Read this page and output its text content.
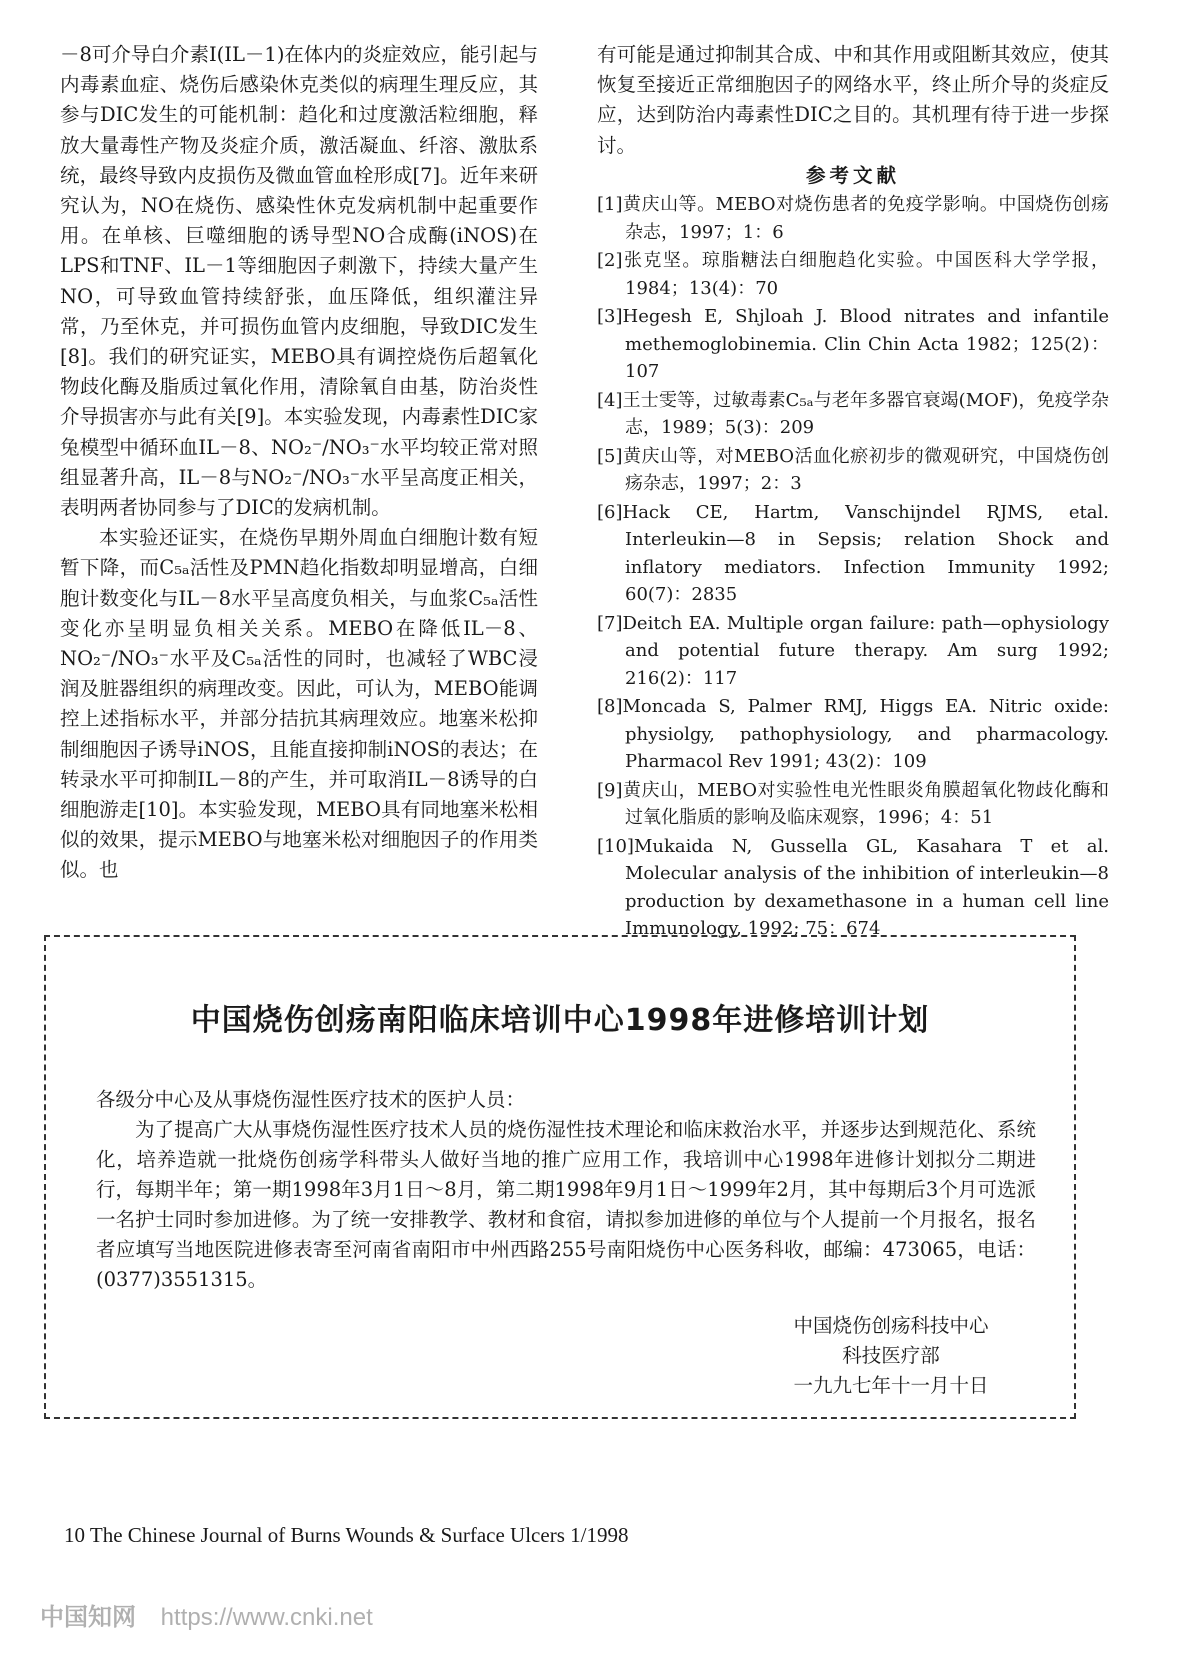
－8可介导白介素I(IL－1)在体内的炎症效应，能引起与内毒素血症、烧伤后感染休克类似的病理生理反应，其参与DIC发生的可能机制：趋化和过度激活粒细胞，释放大量毒性产物及炎症介质，激活凝血、纤溶、激肽系统，最终导致内皮损伤及微血管血栓形成[7]。近年来研究认为，NO在烧伤、感染性休克发病机制中起重要作用。在单核、巨噬细胞的诱导型NO合成酶(iNOS)在LPS和TNF、IL－1等细胞因子刺激下，持续大量产生NO，可导致血管持续舒张，血压降低，组织灌注异常，乃至休克，并可损伤血管内皮细胞，导致DIC发生[8]。我们的研究证实，MEBO具有调控烧伤后超氧化物歧化酶及脂质过氧化作用，清除氧自由基，防治炎性介导损害亦与此有关[9]。本实验发现，内毒素性DIC家兔模型中循环血IL－8、NO₂⁻/NO₃⁻水平均较正常对照组显著升高，IL－8与NO₂⁻/NO₃⁻水平呈高度正相关，表明两者协同参与了DIC的发病机制。

本实验还证实，在烧伤早期外周血白细胞计数有短暂下降，而C₅ₐ活性及PMN趋化指数却明显增高，白细胞计数变化与IL－8水平呈高度负相关，与血浆C₅ₐ活性变化亦呈明显负相关关系。MEBO在降低IL－8、NO₂⁻/NO₃⁻水平及C₅ₐ活性的同时，也减轻了WBC浸润及脏器组织的病理改变。因此，可认为，MEBO能调控上述指标水平，并部分拮抗其病理效应。地塞米松抑制细胞因子诱导iNOS，且能直接抑制iNOS的表达；在转录水平可抑制IL－8的产生，并可取消IL－8诱导的白细胞游走[10]。本实验发现，MEBO具有同地塞米松相似的效果，提示MEBO与地塞米松对细胞因子的作用类似。也

有可能是通过抑制其合成、中和其作用或阻断其效应，使其恢复至接近正常细胞因子的网络水平，终止所介导的炎症反应，达到防治内毒素性DIC之目的。其机理有待于进一步探讨。

参考文献

[1]黄庆山等。MEBO对烧伤患者的免疫学影响。中国烧伤创疡杂志，1997；1：6
[2]张克坚。琼脂糖法白细胞趋化实验。中国医科大学学报，1984；13(4)：70
[3]Hegesh E, Shjloah J. Blood nitrates and infantile methemoglobinemia. Clin Chin Acta 1982；125(2)：107
[4]王士雯等，过敏毒素C₅ₐ与老年多器官衰竭(MOF)，免疫学杂志，1989；5(3)：209
[5]黄庆山等，对MEBO活血化瘀初步的微观研究，中国烧伤创疡杂志，1997；2：3
[6]Hack CE, Hartm, Vanschijndel RJMS, etal. Interleukin—8 in Sepsis; relation Shock and inflatory mediators. Infection Immunity 1992; 60(7)：2835
[7]Deitch EA. Multiple organ failure: path—ophysiology and potential future therapy. Am surg 1992; 216(2)：117
[8]Moncada S, Palmer RMJ, Higgs EA. Nitric oxide: physiolgy, pathophysiology, and pharmacology. Pharmacol Rev 1991; 43(2)：109
[9]黄庆山，MEBO对实验性电光性眼炎角膜超氧化物歧化酶和过氧化脂质的影响及临床观察，1996；4：51
[10]Mukaida N, Gussella GL, Kasahara T et al. Molecular analysis of the inhibition of interleukin—8 production by dexamethasone in a human cell line Immunology, 1992; 75：674
中国烧伤创疡南阳临床培训中心1998年进修培训计划
各级分中心及从事烧伤湿性医疗技术的医护人员：
为了提高广大从事烧伤湿性医疗技术人员的烧伤湿性技术理论和临床救治水平，并逐步达到规范化、系统化，培养造就一批烧伤创疡学科带头人做好当地的推广应用工作，我培训中心1998年进修计划拟分二期进行，每期半年；第一期1998年3月1日～8月，第二期1998年9月1日～1999年2月，其中每期后3个月可选派一名护士同时参加进修。为了统一安排教学、教材和食宿，请拟参加进修的单位与个人提前一个月报名，报名者应填写当地医院进修表寄至河南省南阳市中州西路255号南阳烧伤中心医务科收，邮编：473065，电话：(0377)3551315。
中国烧伤创疡科技中心
科技医疗部
一九九七年十一月十日
10 The Chinese Journal of Burns Wounds & Surface Ulcers 1/1998
中国知网 https://www.cnki.net
